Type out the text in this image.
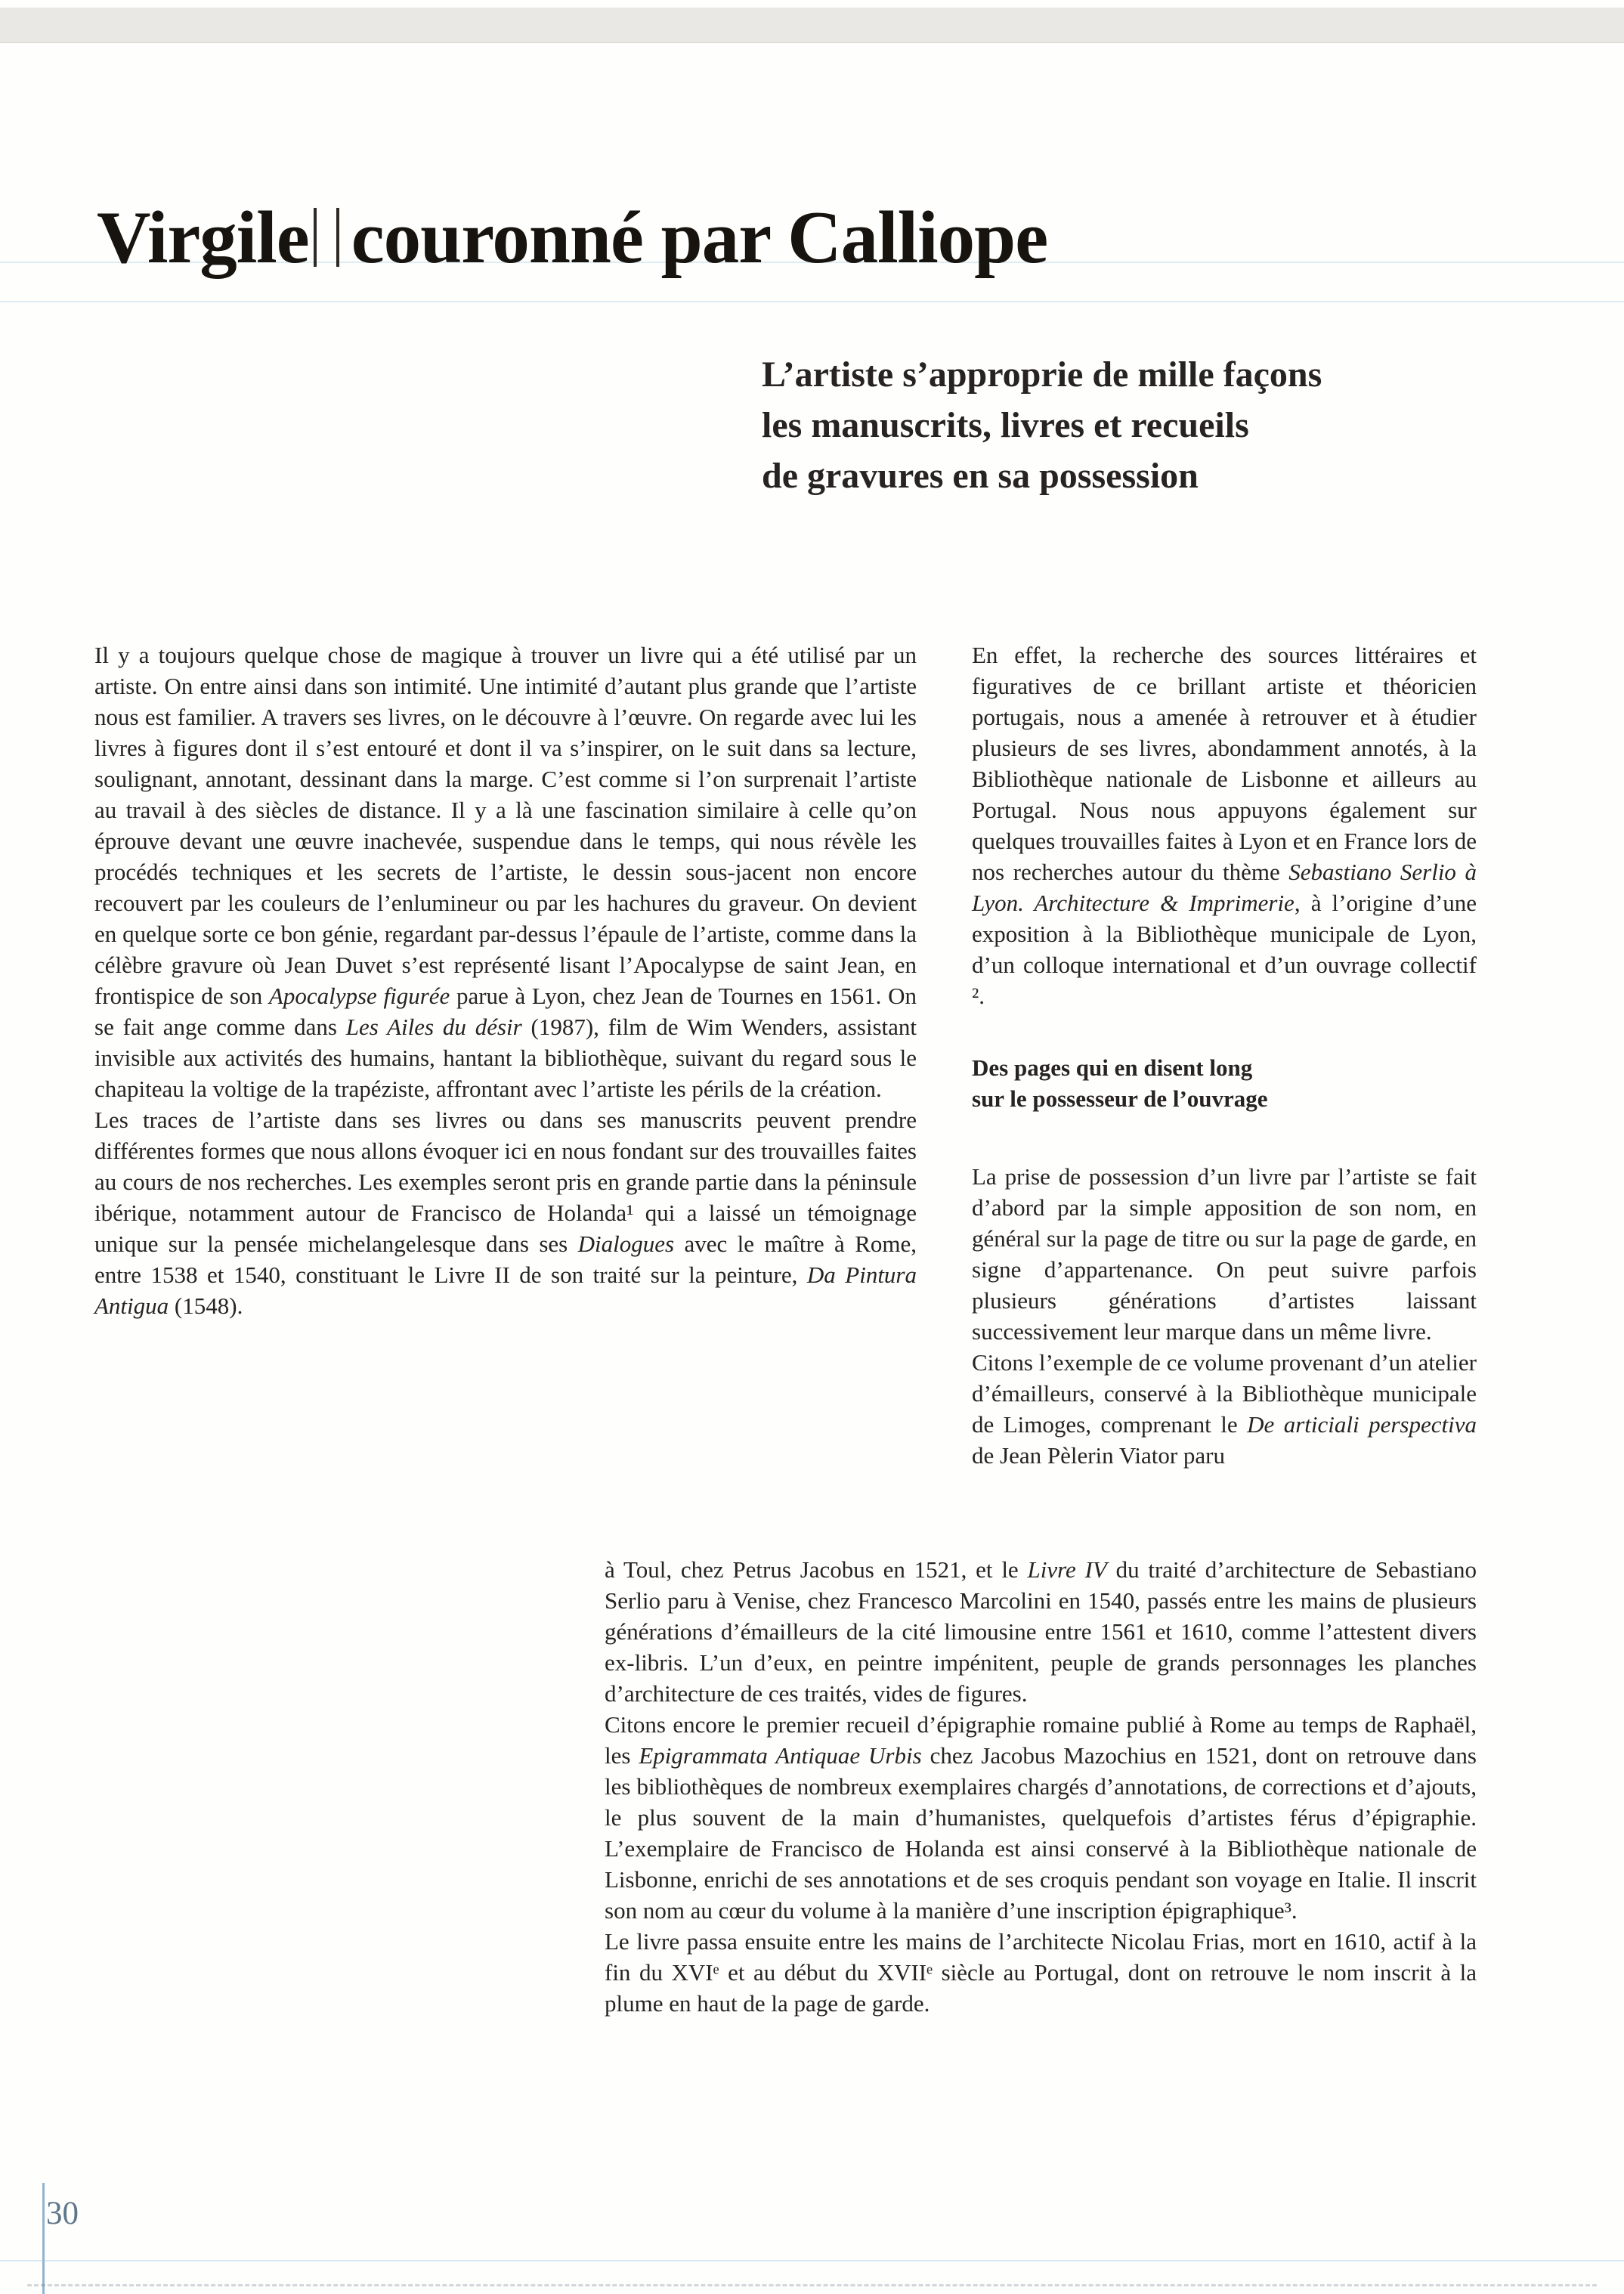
Virgile couronné par Calliope
L’artiste s’approprie de mille façons
les manuscrits, livres et recueils
de gravures en sa possession

Il y a toujours quelque chose de magique à trouver un livre qui a été utilisé par un artiste. On entre ainsi dans son intimité. Une intimité d’autant plus grande que l’artiste nous est familier. A travers ses livres, on le découvre à l’œuvre. On regarde avec lui les livres à figures dont il s’est entouré et dont il va s’inspirer, on le suit dans sa lecture, soulignant, annotant, dessinant dans la marge. C’est comme si l’on surprenait l’artiste au travail à des siècles de distance. Il y a là une fascination similaire à celle qu’on éprouve devant une œuvre inachevée, suspendue dans le temps, qui nous révèle les procédés techniques et les secrets de l’artiste, le dessin sous-jacent non encore recouvert par les couleurs de l’enlumineur ou par les hachures du graveur. On devient en quelque sorte ce bon génie, regardant par-dessus l’épaule de l’artiste, comme dans la célèbre gravure où Jean Duvet s’est représenté lisant l’Apocalypse de saint Jean, en frontispice de son Apocalypse figurée parue à Lyon, chez Jean de Tournes en 1561. On se fait ange comme dans Les Ailes du désir (1987), film de Wim Wenders, assistant invisible aux activités des humains, hantant la bibliothèque, suivant du regard sous le chapiteau la voltige de la trapéziste, affrontant avec l’artiste les périls de la création.

Les traces de l’artiste dans ses livres ou dans ses manuscrits peuvent prendre différentes formes que nous allons évoquer ici en nous fondant sur des trouvailles faites au cours de nos recherches. Les exemples seront pris en grande partie dans la péninsule ibérique, notamment autour de Francisco de Holanda¹ qui a laissé un témoignage unique sur la pensée michelangelesque dans ses Dialogues avec le maître à Rome, entre 1538 et 1540, constituant le Livre II de son traité sur la peinture, Da Pintura Antigua (1548).

En effet, la recherche des sources littéraires et figuratives de ce brillant artiste et théoricien portugais, nous a amenée à retrouver et à étudier plusieurs de ses livres, abondamment annotés, à la Bibliothèque nationale de Lisbonne et ailleurs au Portugal. Nous nous appuyons également sur quelques trouvailles faites à Lyon et en France lors de nos recherches autour du thème Sebastiano Serlio à Lyon. Architecture & Imprimerie, à l’origine d’une exposition à la Bibliothèque municipale de Lyon, d’un colloque international et d’un ouvrage collectif ².

Des pages qui en disent long
sur le possesseur de l’ouvrage

La prise de possession d’un livre par l’artiste se fait d’abord par la simple apposition de son nom, en général sur la page de titre ou sur la page de garde, en signe d’appartenance. On peut suivre parfois plusieurs générations d’artistes laissant successivement leur marque dans un même livre.

Citons l’exemple de ce volume provenant d’un atelier d’émailleurs, conservé à la Bibliothèque municipale de Limoges, comprenant le De articiali perspectiva de Jean Pèlerin Viator paru

à Toul, chez Petrus Jacobus en 1521, et le Livre IV du traité d’architecture de Sebastiano Serlio paru à Venise, chez Francesco Marcolini en 1540, passés entre les mains de plusieurs générations d’émailleurs de la cité limousine entre 1561 et 1610, comme l’attestent divers ex-libris. L’un d’eux, en peintre impénitent, peuple de grands personnages les planches d’architecture de ces traités, vides de figures.

Citons encore le premier recueil d’épigraphie romaine publié à Rome au temps de Raphaël, les Epigrammata Antiquae Urbis chez Jacobus Mazochius en 1521, dont on retrouve dans les bibliothèques de nombreux exemplaires chargés d’annotations, de corrections et d’ajouts, le plus souvent de la main d’humanistes, quelquefois d’artistes férus d’épigraphie. L’exemplaire de Francisco de Holanda est ainsi conservé à la Bibliothèque nationale de Lisbonne, enrichi de ses annotations et de ses croquis pendant son voyage en Italie. Il inscrit son nom au cœur du volume à la manière d’une inscription épigraphique³.

Le livre passa ensuite entre les mains de l’architecte Nicolau Frias, mort en 1610, actif à la fin du XVIᵉ et au début du XVIIᵉ siècle au Portugal, dont on retrouve le nom inscrit à la plume en haut de la page de garde.

30
